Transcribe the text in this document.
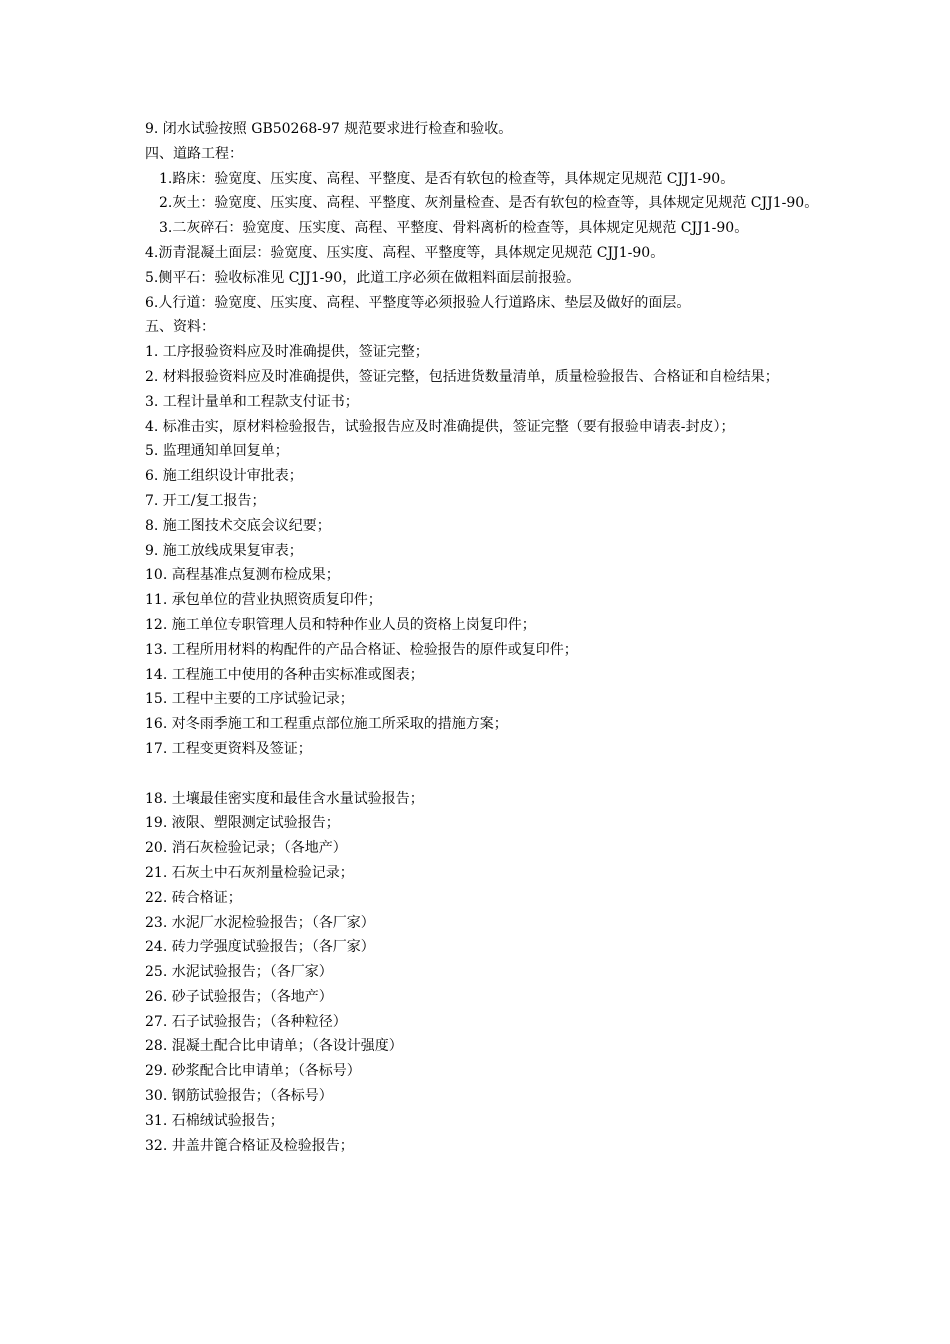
9. 闭水试验按照 GB50268-97 规范要求进行检查和验收。

四、道路工程：

1.路床：验宽度、压实度、高程、平整度、是否有软包的检查等，具体规定见规范 CJJ1-90。

2.灰土：验宽度、压实度、高程、平整度、灰剂量检查、是否有软包的检查等，具体规定见规范 CJJ1-90。

3.二灰碎石：验宽度、压实度、高程、平整度、骨料离析的检查等，具体规定见规范 CJJ1-90。

4.沥青混凝土面层：验宽度、压实度、高程、平整度等，具体规定见规范 CJJ1-90。

5.侧平石：验收标准见 CJJ1-90，此道工序必须在做粗料面层前报验。

6.人行道：验宽度、压实度、高程、平整度等必须报验人行道路床、垫层及做好的面层。

五、资料：

1. 工序报验资料应及时准确提供，签证完整；

2. 材料报验资料应及时准确提供，签证完整，包括进货数量清单，质量检验报告、合格证和自检结果；

3. 工程计量单和工程款支付证书；

4. 标准击实，原材料检验报告，试验报告应及时准确提供，签证完整（要有报验申请表-封皮）；

5. 监理通知单回复单；

6. 施工组织设计审批表；

7. 开工/复工报告；

8. 施工图技术交底会议纪要；

9. 施工放线成果复审表；

10. 高程基准点复测布检成果；

11. 承包单位的营业执照资质复印件；

12. 施工单位专职管理人员和特种作业人员的资格上岗复印件；

13. 工程所用材料的构配件的产品合格证、检验报告的原件或复印件；

14. 工程施工中使用的各种击实标准或图表；

15. 工程中主要的工序试验记录；

16. 对冬雨季施工和工程重点部位施工所采取的措施方案；

17. 工程变更资料及签证；

18. 土壤最佳密实度和最佳含水量试验报告；

19. 液限、塑限测定试验报告；

20. 消石灰检验记录；（各地产）

21. 石灰土中石灰剂量检验记录；

22. 砖合格证；

23. 水泥厂水泥检验报告；（各厂家）

24. 砖力学强度试验报告；（各厂家）

25. 水泥试验报告；（各厂家）

26. 砂子试验报告；（各地产）

27. 石子试验报告；（各种粒径）

28. 混凝土配合比申请单；（各设计强度）

29. 砂浆配合比申请单；（各标号）

30. 钢筋试验报告；（各标号）

31. 石棉绒试验报告；

32. 井盖井篦合格证及检验报告；
